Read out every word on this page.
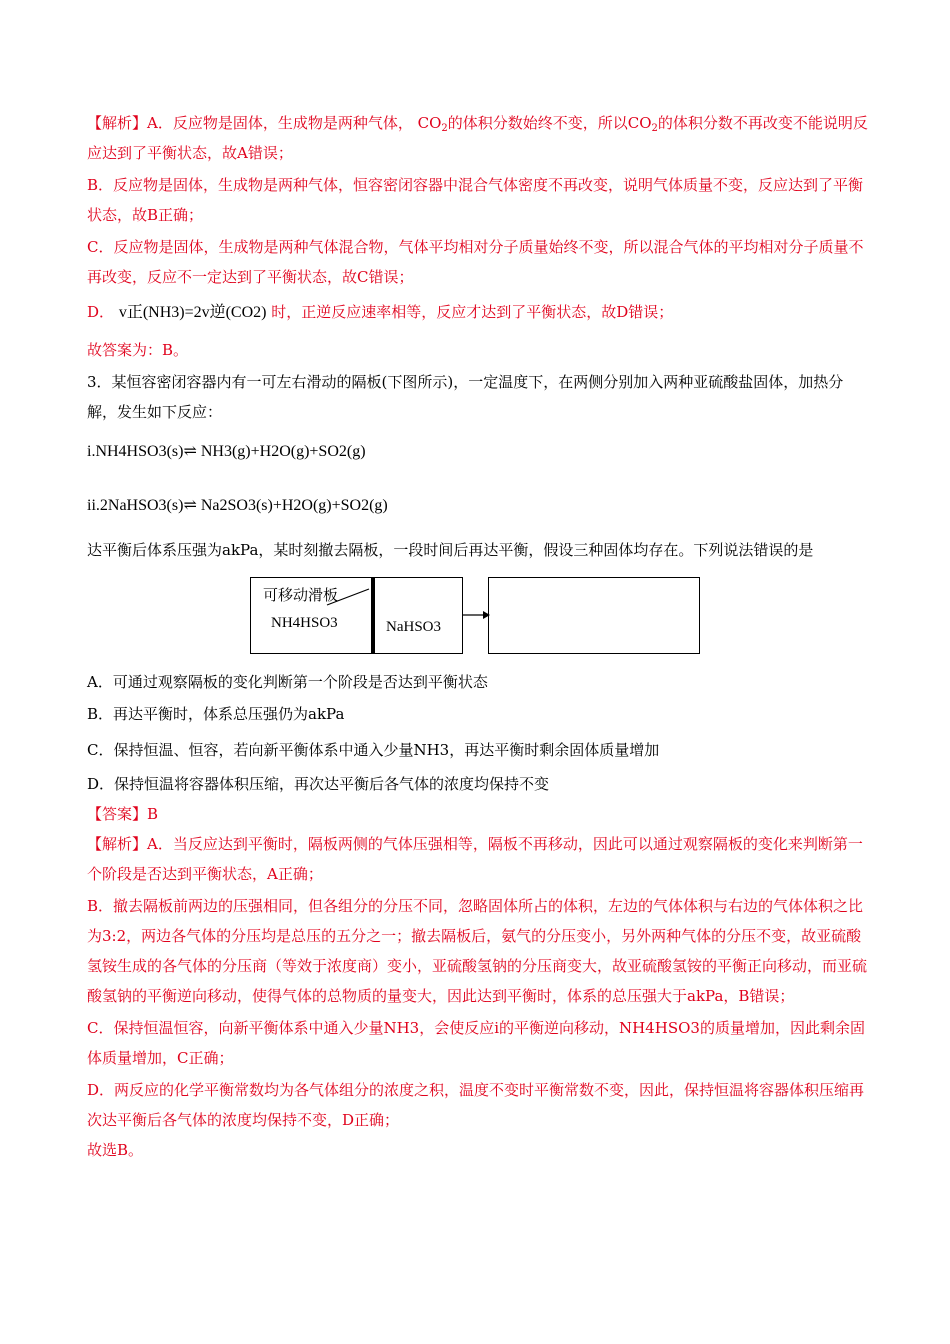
【解析】A．反应物是固体，生成物是两种气体， $CO_2$的体积分数始终不变，所以$CO_2$的体积分数不再改变不能说明反应达到了平衡状态，故A错误；

B．反应物是固体，生成物是两种气体，恒容密闭容器中混合气体密度不再改变，说明气体质量不变，反应达到了平衡状态，故B正确；

C．反应物是固体，生成物是两种气体混合物，气体平均相对分子质量始终不变，所以混合气体的平均相对分子质量不再改变，反应不一定达到了平衡状态，故C错误；

D． v正(NH3)=2v逆(CO2) 时，正逆反应速率相等，反应才达到了平衡状态，故D错误；

故答案为：B。

3．某恒容密闭容器内有一可左右滑动的隔板(下图所示)，一定温度下，在两侧分别加入两种亚硫酸盐固体，加热分解，发生如下反应：

i.NH4HSO3(s)⇌ NH3(g)+H2O(g)+SO2(g)

ii.2NaHSO3(s)⇌ Na2SO3(s)+H2O(g)+SO2(g)

达平衡后体系压强为akPa，某时刻撤去隔板，一段时间后再达平衡，假设三种固体均存在。下列说法错误的是

可移动滑板
NH4HSO3	NaHSO3

A．可通过观察隔板的变化判断第一个阶段是否达到平衡状态

B．再达平衡时，体系总压强仍为akPa

C．保持恒温、恒容，若向新平衡体系中通入少量NH3，再达平衡时剩余固体质量增加

D．保持恒温将容器体积压缩，再次达平衡后各气体的浓度均保持不变

【答案】B

【解析】A．当反应达到平衡时，隔板两侧的气体压强相等，隔板不再移动，因此可以通过观察隔板的变化来判断第一个阶段是否达到平衡状态，A正确；

B．撤去隔板前两边的压强相同，但各组分的分压不同，忽略固体所占的体积，左边的气体体积与右边的气体体积之比为3:2，两边各气体的分压均是总压的五分之一；撤去隔板后，氨气的分压变小，另外两种气体的分压不变，故亚硫酸氢铵生成的各气体的分压商（等效于浓度商）变小，亚硫酸氢钠的分压商变大，故亚硫酸氢铵的平衡正向移动，而亚硫酸氢钠的平衡逆向移动，使得气体的总物质的量变大，因此达到平衡时，体系的总压强大于akPa，B错误；

C．保持恒温恒容，向新平衡体系中通入少量NH3，会使反应i的平衡逆向移动，NH4HSO3的质量增加，因此剩余固体质量增加，C正确；

D．两反应的化学平衡常数均为各气体组分的浓度之积，温度不变时平衡常数不变，因此，保持恒温将容器体积压缩再次达平衡后各气体的浓度均保持不变，D正确；

故选B。
